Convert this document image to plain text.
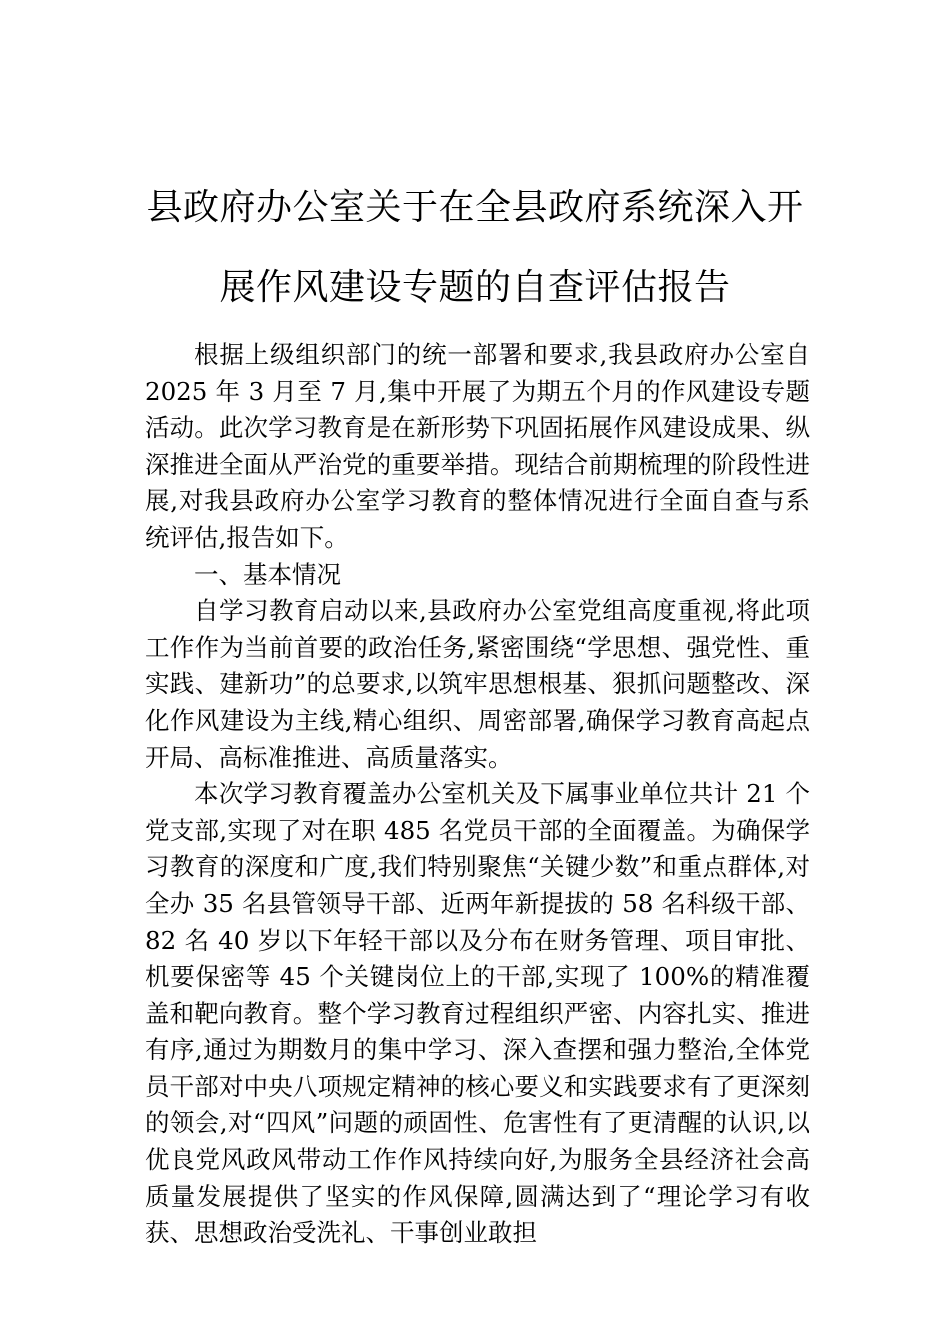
县政府办公室关于在全县政府系统深入开
展作风建设专题的自查评估报告

根据上级组织部门的统一部署和要求,我县政府办公室自 2025 年 3 月至 7 月,集中开展了为期五个月的作风建设专题活动。此次学习教育是在新形势下巩固拓展作风建设成果、纵深推进全面从严治党的重要举措。现结合前期梳理的阶段性进展,对我县政府办公室学习教育的整体情况进行全面自查与系统评估,报告如下。

一、基本情况

自学习教育启动以来,县政府办公室党组高度重视,将此项工作作为当前首要的政治任务,紧密围绕“学思想、强党性、重实践、建新功”的总要求,以筑牢思想根基、狠抓问题整改、深化作风建设为主线,精心组织、周密部署,确保学习教育高起点开局、高标准推进、高质量落实。

本次学习教育覆盖办公室机关及下属事业单位共计 21 个党支部,实现了对在职 485 名党员干部的全面覆盖。为确保学习教育的深度和广度,我们特别聚焦“关键少数”和重点群体,对全办 35 名县管领导干部、近两年新提拔的 58 名科级干部、82 名 40 岁以下年轻干部以及分布在财务管理、项目审批、机要保密等 45 个关键岗位上的干部,实现了 100%的精准覆盖和靶向教育。整个学习教育过程组织严密、内容扎实、推进有序,通过为期数月的集中学习、深入查摆和强力整治,全体党员干部对中央八项规定精神的核心要义和实践要求有了更深刻的领会,对“四风”问题的顽固性、危害性有了更清醒的认识,以优良党风政风带动工作作风持续向好,为服务全县经济社会高质量发展提供了坚实的作风保障,圆满达到了“理论学习有收获、思想政治受洗礼、干事创业敢担
